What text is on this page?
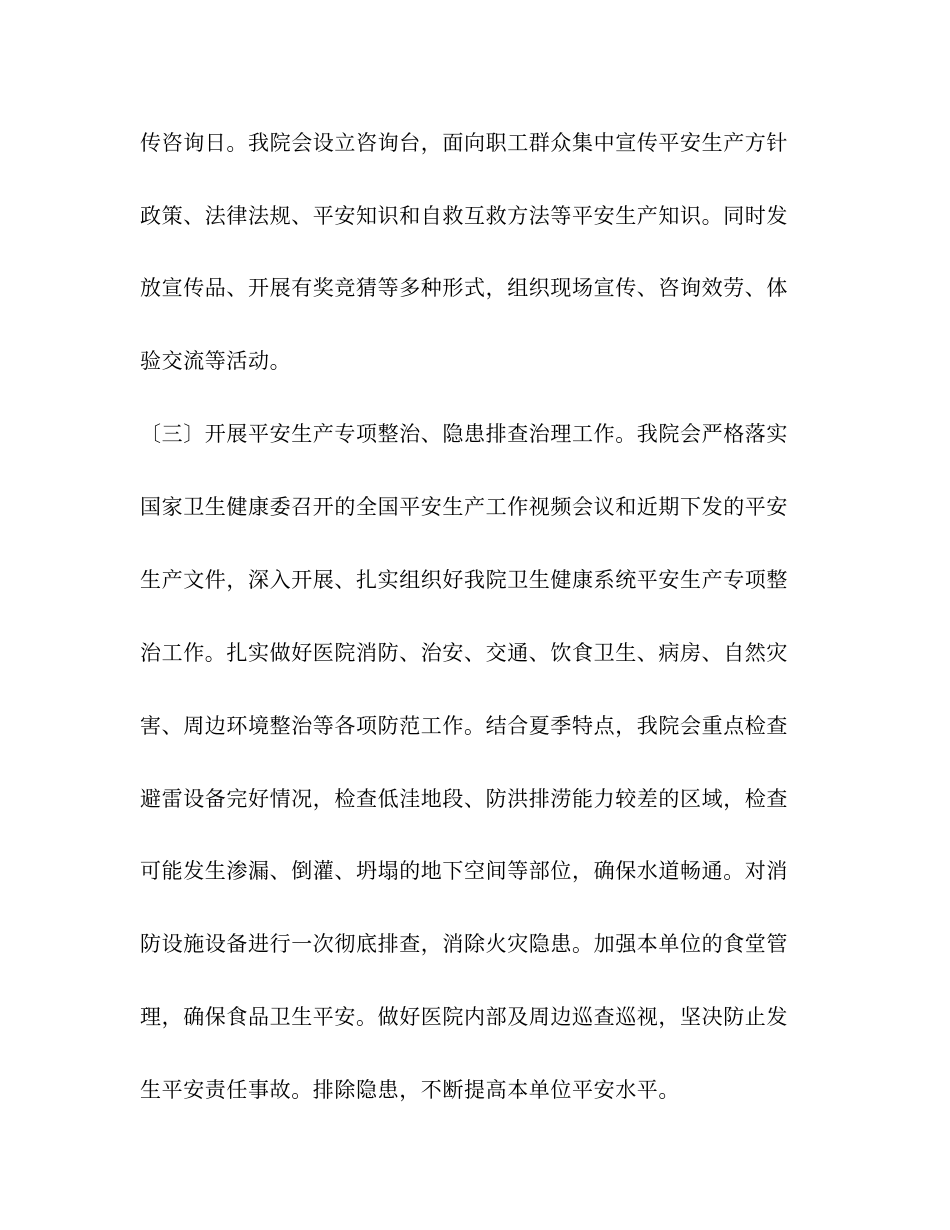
传咨询日。我院会设立咨询台，面向职工群众集中宣传平安生产方针

政策、法律法规、平安知识和自救互救方法等平安生产知识。同时发

放宣传品、开展有奖竞猜等多种形式，组织现场宣传、咨询效劳、体

验交流等活动。

〔三〕开展平安生产专项整治、隐患排查治理工作。我院会严格落实

国家卫生健康委召开的全国平安生产工作视频会议和近期下发的平安

生产文件，深入开展、扎实组织好我院卫生健康系统平安生产专项整

治工作。扎实做好医院消防、治安、交通、饮食卫生、病房、自然灾

害、周边环境整治等各项防范工作。结合夏季特点，我院会重点检查

避雷设备完好情况，检查低洼地段、防洪排涝能力较差的区域，检查

可能发生渗漏、倒灌、坍塌的地下空间等部位，确保水道畅通。对消

防设施设备进行一次彻底排查，消除火灾隐患。加强本单位的食堂管

理，确保食品卫生平安。做好医院内部及周边巡查巡视，坚决防止发

生平安责任事故。排除隐患，不断提高本单位平安水平。
